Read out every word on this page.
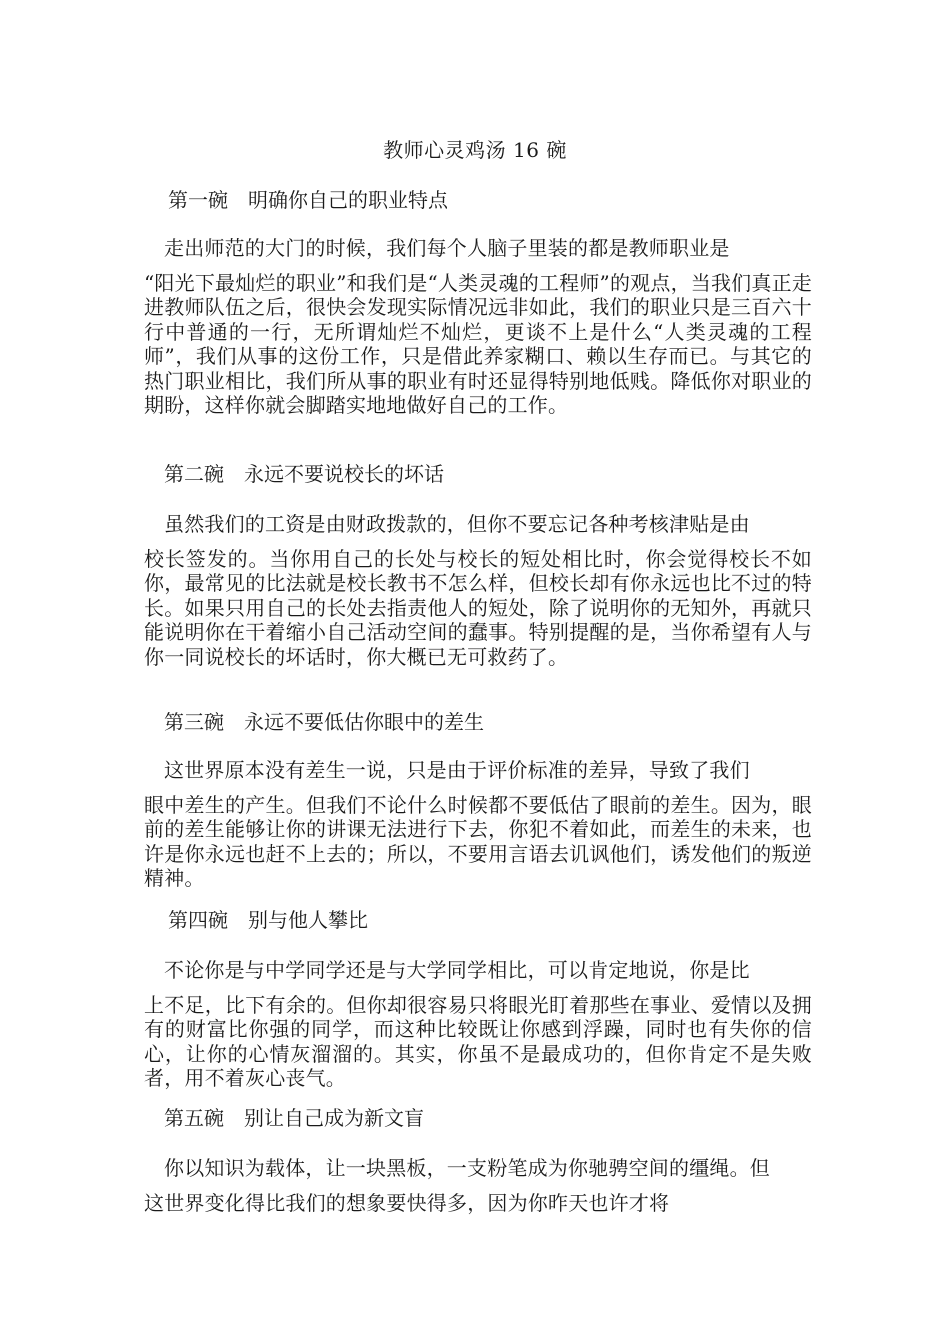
教师心灵鸡汤 16 碗
第一碗　明确你自己的职业特点
走出师范的大门的时候，我们每个人脑子里装的都是教师职业是
“阳光下最灿烂的职业”和我们是“人类灵魂的工程师”的观点，当我们真正走进教师队伍之后，很快会发现实际情况远非如此，我们的职业只是三百六十行中普通的一行，无所谓灿烂不灿烂，更谈不上是什么“人类灵魂的工程师”，我们从事的这份工作，只是借此养家糊口、赖以生存而已。与其它的热门职业相比，我们所从事的职业有时还显得特别地低贱。降低你对职业的期盼，这样你就会脚踏实地地做好自己的工作。
第二碗　永远不要说校长的坏话
虽然我们的工资是由财政拨款的，但你不要忘记各种考核津贴是由
校长签发的。当你用自己的长处与校长的短处相比时，你会觉得校长不如你，最常见的比法就是校长教书不怎么样，但校长却有你永远也比不过的特长。如果只用自己的长处去指责他人的短处，除了说明你的无知外，再就只能说明你在干着缩小自己活动空间的蠢事。特别提醒的是，当你希望有人与你一同说校长的坏话时，你大概已无可救药了。
第三碗　永远不要低估你眼中的差生
这世界原本没有差生一说，只是由于评价标准的差异，导致了我们
眼中差生的产生。但我们不论什么时候都不要低估了眼前的差生。因为，眼前的差生能够让你的讲课无法进行下去，你犯不着如此，而差生的未来，也许是你永远也赶不上去的；所以，不要用言语去讥讽他们，诱发他们的叛逆精神。
第四碗　别与他人攀比
不论你是与中学同学还是与大学同学相比，可以肯定地说，你是比
上不足，比下有余的。但你却很容易只将眼光盯着那些在事业、爱情以及拥有的财富比你强的同学，而这种比较既让你感到浮躁，同时也有失你的信心，让你的心情灰溜溜的。其实，你虽不是最成功的，但你肯定不是失败者，用不着灰心丧气。
第五碗　别让自己成为新文盲
你以知识为载体，让一块黑板，一支粉笔成为你驰骋空间的缰绳。但
这世界变化得比我们的想象要快得多，因为你昨天也许才将
